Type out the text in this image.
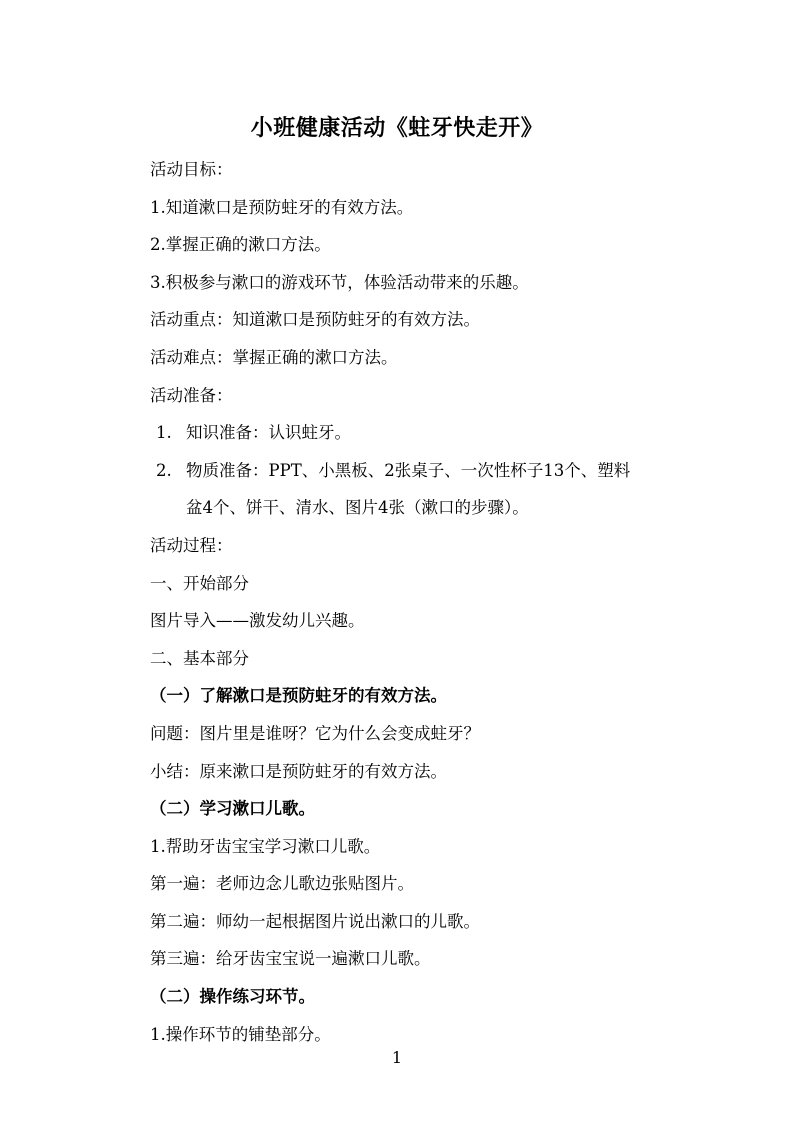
小班健康活动《蛀牙快走开》
活动目标：
1.知道漱口是预防蛀牙的有效方法。
2.掌握正确的漱口方法。
3.积极参与漱口的游戏环节，体验活动带来的乐趣。
活动重点：知道漱口是预防蛀牙的有效方法。
活动难点：掌握正确的漱口方法。
活动准备：
1. 知识准备：认识蛀牙。
2. 物质准备：PPT、小黑板、2张桌子、一次性杯子13个、塑料
盆4个、饼干、清水、图片4张（漱口的步骤）。
活动过程：
一、开始部分
图片导入——激发幼儿兴趣。
二、基本部分
（一）了解漱口是预防蛀牙的有效方法。
问题：图片里是谁呀？它为什么会变成蛀牙？
小结：原来漱口是预防蛀牙的有效方法。
（二）学习漱口儿歌。
1.帮助牙齿宝宝学习漱口儿歌。
第一遍：老师边念儿歌边张贴图片。
第二遍：师幼一起根据图片说出漱口的儿歌。
第三遍：给牙齿宝宝说一遍漱口儿歌。
（二）操作练习环节。
1.操作环节的铺垫部分。
1
